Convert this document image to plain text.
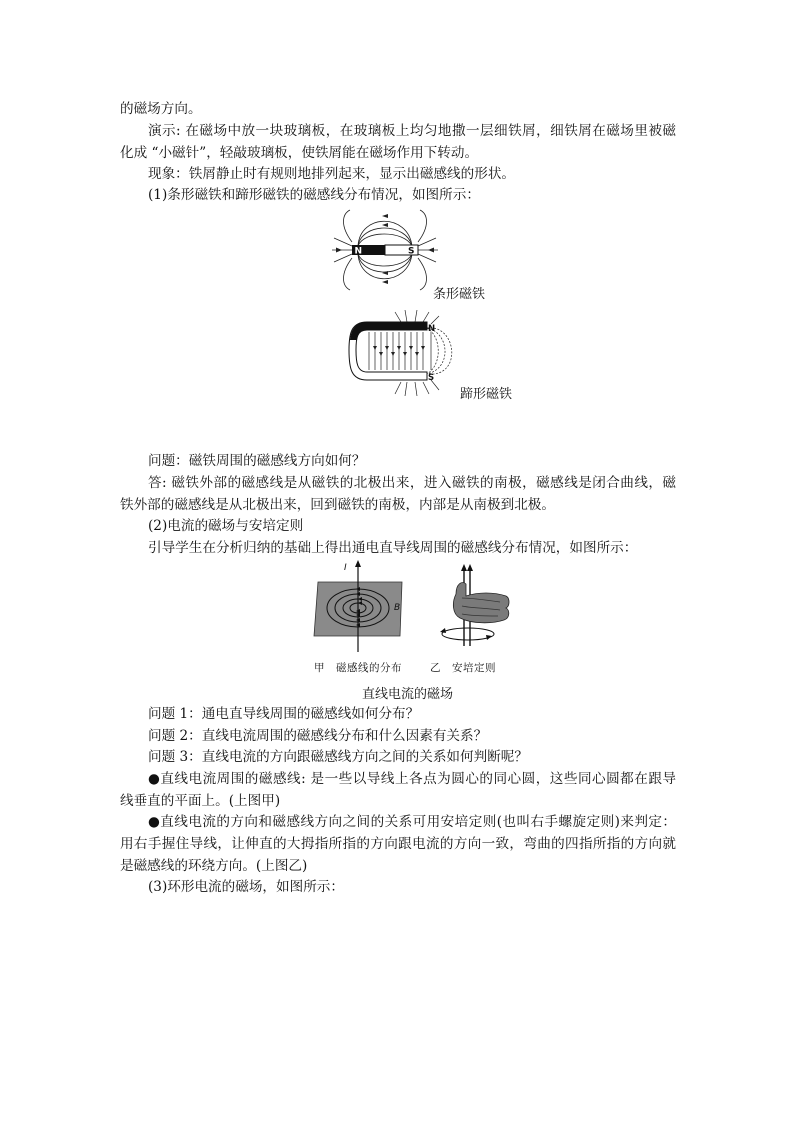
的磁场方向。
演示: 在磁场中放一块玻璃板，在玻璃板上均匀地撒一层细铁屑，细铁屑在磁场里被磁
化成 “小磁针”，轻敲玻璃板，使铁屑能在磁场作用下转动。
现象：铁屑静止时有规则地排列起来，显示出磁感线的形状。
(1)条形磁铁和蹄形磁铁的磁感线分布情况，如图所示：
N	S
条形磁铁
N
S
蹄形磁铁
问题：磁铁周围的磁感线方向如何？
答: 磁铁外部的磁感线是从磁铁的北极出来，进入磁铁的南极，磁感线是闭合曲线，磁
铁外部的磁感线是从北极出来，回到磁铁的南极，内部是从南极到北极。
(2)电流的磁场与安培定则
引导学生在分析归纳的基础上得出通电直导线周围的磁感线分布情况，如图所示：
I
B
甲　磁感线的分布	乙　安培定则
直线电流的磁场
问题 1：通电直导线周围的磁感线如何分布？
问题 2：直线电流周围的磁感线分布和什么因素有关系？
问题 3：直线电流的方向跟磁感线方向之间的关系如何判断呢？
●直线电流周围的磁感线: 是一些以导线上各点为圆心的同心圆，这些同心圆都在跟导
线垂直的平面上。(上图甲)
●直线电流的方向和磁感线方向之间的关系可用安培定则(也叫右手螺旋定则)来判定：
用右手握住导线，让伸直的大拇指所指的方向跟电流的方向一致，弯曲的四指所指的方向就
是磁感线的环绕方向。(上图乙)
(3)环形电流的磁场，如图所示：
